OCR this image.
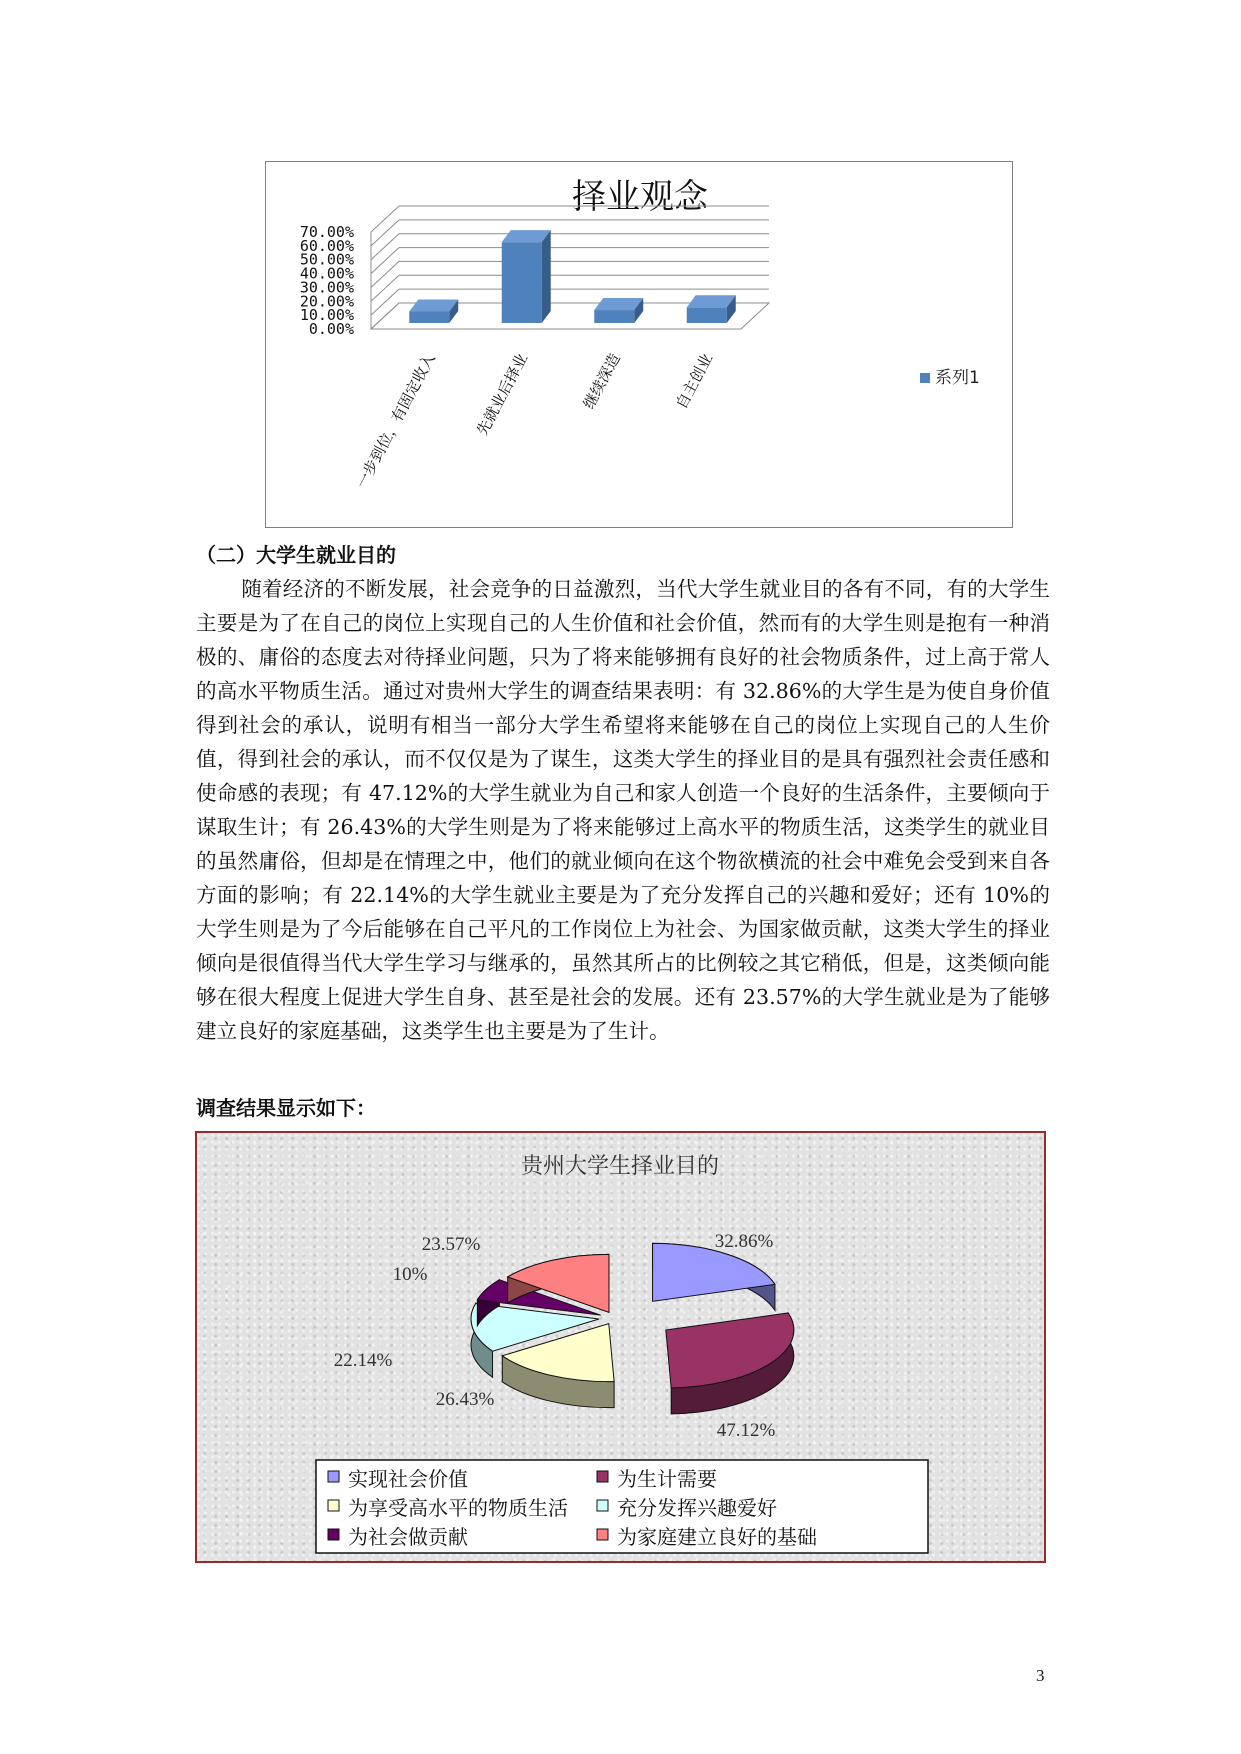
择业观念
70.00%
60.00%
50.00%
40.00%
30.00%
20.00%
10.00%
0.00%
一步到位，有固定收入 先就业后择业	继续深造	自主创业	系列1
（二）大学生就业目的

随着经济的不断发展，社会竞争的日益激烈，当代大学生就业目的各有不同，有的大学生主要是为了在自己的岗位上实现自己的人生价值和社会价值，然而有的大学生则是抱有一种消极的、庸俗的态度去对待择业问题，只为了将来能够拥有良好的社会物质条件，过上高于常人的高水平物质生活。通过对贵州大学生的调查结果表明：有 32.86%的大学生是为使自身价值得到社会的承认，说明有相当一部分大学生希望将来能够在自己的岗位上实现自己的人生价值，得到社会的承认，而不仅仅是为了谋生，这类大学生的择业目的是具有强烈社会责任感和使命感的表现；有 47.12%的大学生就业为自己和家人创造一个良好的生活条件，主要倾向于谋取生计；有 26.43%的大学生则是为了将来能够过上高水平的物质生活，这类学生的就业目的虽然庸俗，但却是在情理之中，他们的就业倾向在这个物欲横流的社会中难免会受到来自各方面的影响；有 22.14%的大学生就业主要是为了充分发挥自己的兴趣和爱好；还有 10%的大学生则是为了今后能够在自己平凡的工作岗位上为社会、为国家做贡献，这类大学生的择业倾向是很值得当代大学生学习与继承的，虽然其所占的比例较之其它稍低，但是，这类倾向能够在很大程度上促进大学生自身、甚至是社会的发展。还有 23.57%的大学生就业是为了能够建立良好的家庭基础，这类学生也主要是为了生计。

调查结果显示如下：
贵州大学生择业目的
32.86%
47.12%
26.43%
22.14%
10%
23.57%
实现社会价值	为生计需要
为享受高水平的物质生活 充分发挥兴趣爱好
为社会做贡献	为家庭建立良好的基础
3
